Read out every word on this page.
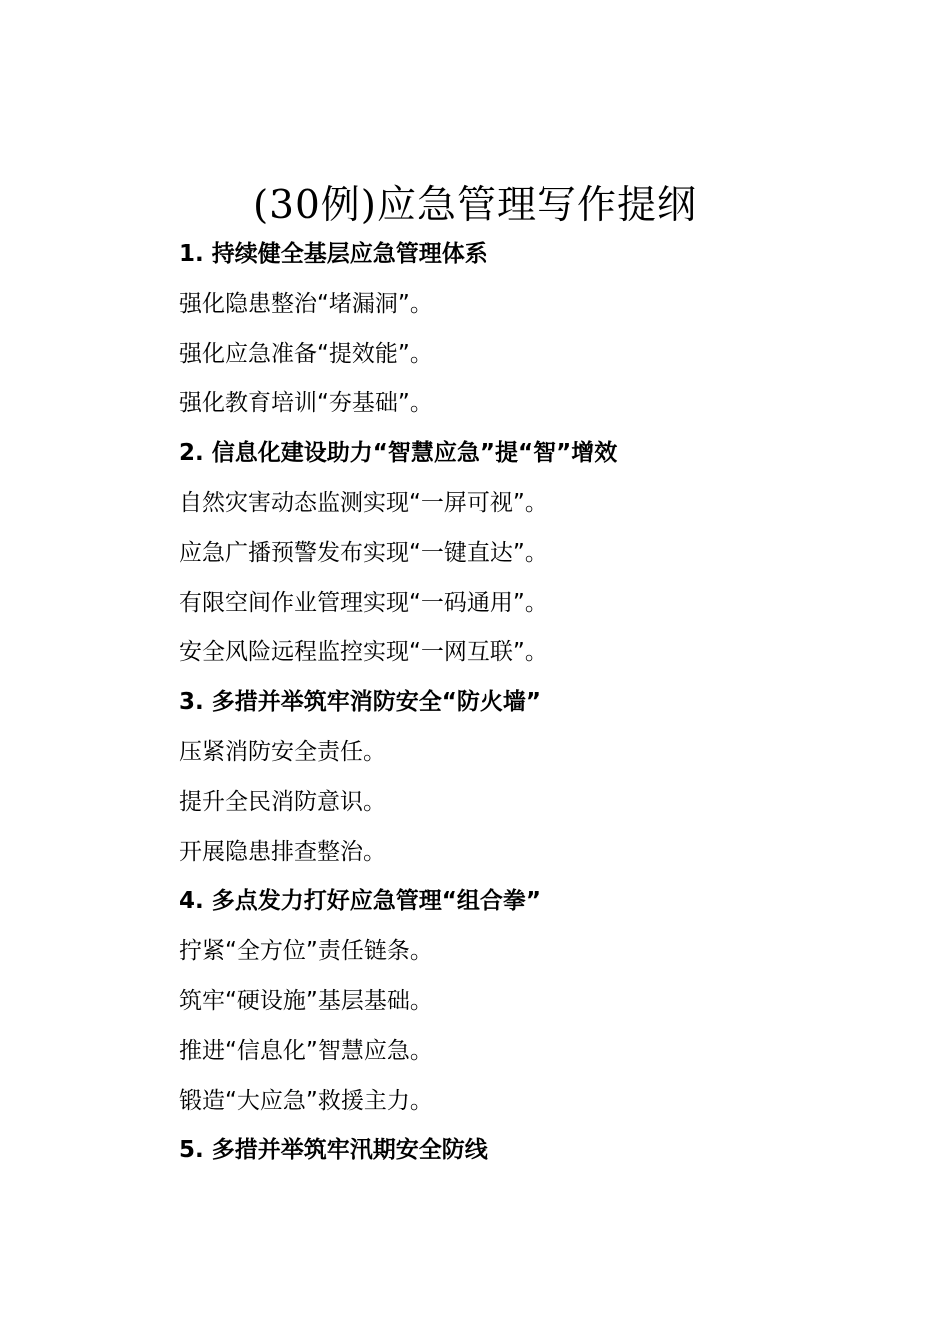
(30例)应急管理写作提纲
1. 持续健全基层应急管理体系
强化隐患整治“堵漏洞”。
强化应急准备“提效能”。
强化教育培训“夯基础”。
2. 信息化建设助力“智慧应急”提“智”增效
自然灾害动态监测实现“一屏可视”。
应急广播预警发布实现“一键直达”。
有限空间作业管理实现“一码通用”。
安全风险远程监控实现“一网互联”。
3. 多措并举筑牢消防安全“防火墙”
压紧消防安全责任。
提升全民消防意识。
开展隐患排查整治。
4. 多点发力打好应急管理“组合拳”
拧紧“全方位”责任链条。
筑牢“硬设施”基层基础。
推进“信息化”智慧应急。
锻造“大应急”救援主力。
5. 多措并举筑牢汛期安全防线
